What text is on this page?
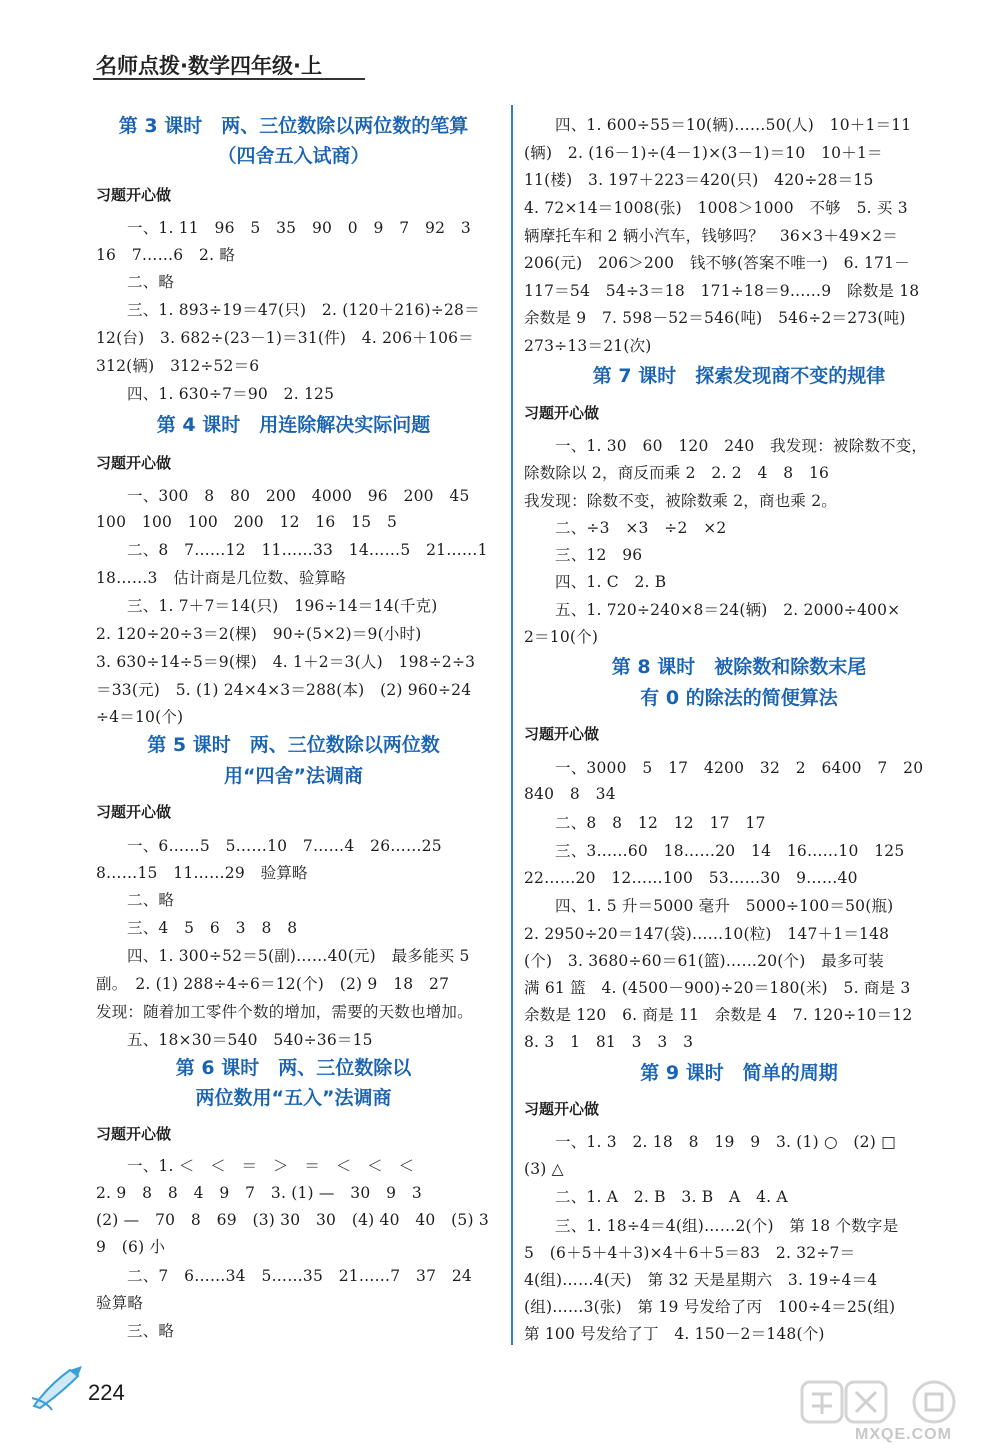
名师点拨·数学四年级·上
第 3 课时　两、三位数除以两位数的笔算
（四舍五入试商）
习题开心做
一、1. 11　96　5　35　90　0　9　7　92　3
16　7……6　2. 略
二、略
三、1. 893÷19＝47(只)　2. (120＋216)÷28＝
12(台)　3. 682÷(23－1)＝31(件)　4. 206＋106＝
312(辆)　312÷52＝6
四、1. 630÷7＝90　2. 125
第 4 课时　用连除解决实际问题
习题开心做
一、300　8　80　200　4000　96　200　45
100　100　100　200　12　16　15　5
二、8　7……12　11……33　14……5　21……1
18……3　估计商是几位数、验算略
三、1. 7＋7＝14(只)　196÷14＝14(千克)
2. 120÷20÷3＝2(棵)　90÷(5×2)＝9(小时)
3. 630÷14÷5＝9(棵)　4. 1＋2＝3(人)　198÷2÷3
＝33(元)　5. (1) 24×4×3＝288(本)　(2) 960÷24
÷4＝10(个)
第 5 课时　两、三位数除以两位数
用“四舍”法调商
习题开心做
一、6……5　5……10　7……4　26……25
8……15　11……29　验算略
二、略
三、4　5　6　3　8　8
四、1. 300÷52＝5(副)……40(元)　最多能买 5
副。　2. (1) 288÷4÷6＝12(个)　(2) 9　18　27
发现：随着加工零件个数的增加，需要的天数也增加。
五、18×30＝540　540÷36＝15
第 6 课时　两、三位数除以
两位数用“五入”法调商
习题开心做
一、1. ＜　＜　＝　＞　＝　＜　＜　＜
2. 9　8　8　4　9　7　3. (1) —　30　9　3
(2) —　70　8　69　(3) 30　30　(4) 40　40　(5) 3
9　(6) 小
二、7　6……34　5……35　21……7　37　24
验算略
三、略
四、1. 600÷55＝10(辆)……50(人)　10＋1＝11
(辆)　2. (16－1)÷(4－1)×(3－1)＝10　10＋1＝
11(楼)　3. 197＋223＝420(只)　420÷28＝15
4. 72×14＝1008(张)　1008＞1000　不够　5. 买 3
辆摩托车和 2 辆小汽车，钱够吗？　36×3＋49×2＝
206(元)　206＞200　钱不够(答案不唯一)　6. 171－
117＝54　54÷3＝18　171÷18＝9……9　除数是 18
余数是 9　7. 598－52＝546(吨)　546÷2＝273(吨)
273÷13＝21(次)
第 7 课时　探索发现商不变的规律
习题开心做
一、1. 30　60　120　240　我发现：被除数不变，
除数除以 2，商反而乘 2　2. 2　4　8　16
我发现：除数不变，被除数乘 2，商也乘 2。
二、÷3　×3　÷2　×2
三、12　96
四、1. C　2. B
五、1. 720÷240×8＝24(辆)　2. 2000÷400×
2＝10(个)
第 8 课时　被除数和除数末尾
有 0 的除法的简便算法
习题开心做
一、3000　5　17　4200　32　2　6400　7　20
840　8　34
二、8　8　12　12　17　17
三、3……60　18……20　14　16……10　125
22……20　12……100　53……30　9……40
四、1. 5 升＝5000 毫升　5000÷100＝50(瓶)
2. 2950÷20＝147(袋)……10(粒)　147＋1＝148
(个)　3. 3680÷60＝61(篮)……20(个)　最多可装
满 61 篮　4. (4500－900)÷20＝180(米)　5. 商是 3
余数是 120　6. 商是 11　余数是 4　7. 120÷10＝12
8. 3　1　81　3　3　3
第 9 课时　简单的周期
习题开心做
一、1. 3　2. 18　8　19　9　3. (1) ○　(2) □
(3) △
二、1. A　2. B　3. B　A　4. A
三、1. 18÷4＝4(组)……2(个)　第 18 个数字是
5　(6＋5＋4＋3)×4＋6＋5＝83　2. 32÷7＝
4(组)……4(天)　第 32 天是星期六　3. 19÷4＝4
(组)……3(张)　第 19 号发给了丙　100÷4＝25(组)
第 100 号发给了丁　4. 150－2＝148(个)
224
MXQE.COM
